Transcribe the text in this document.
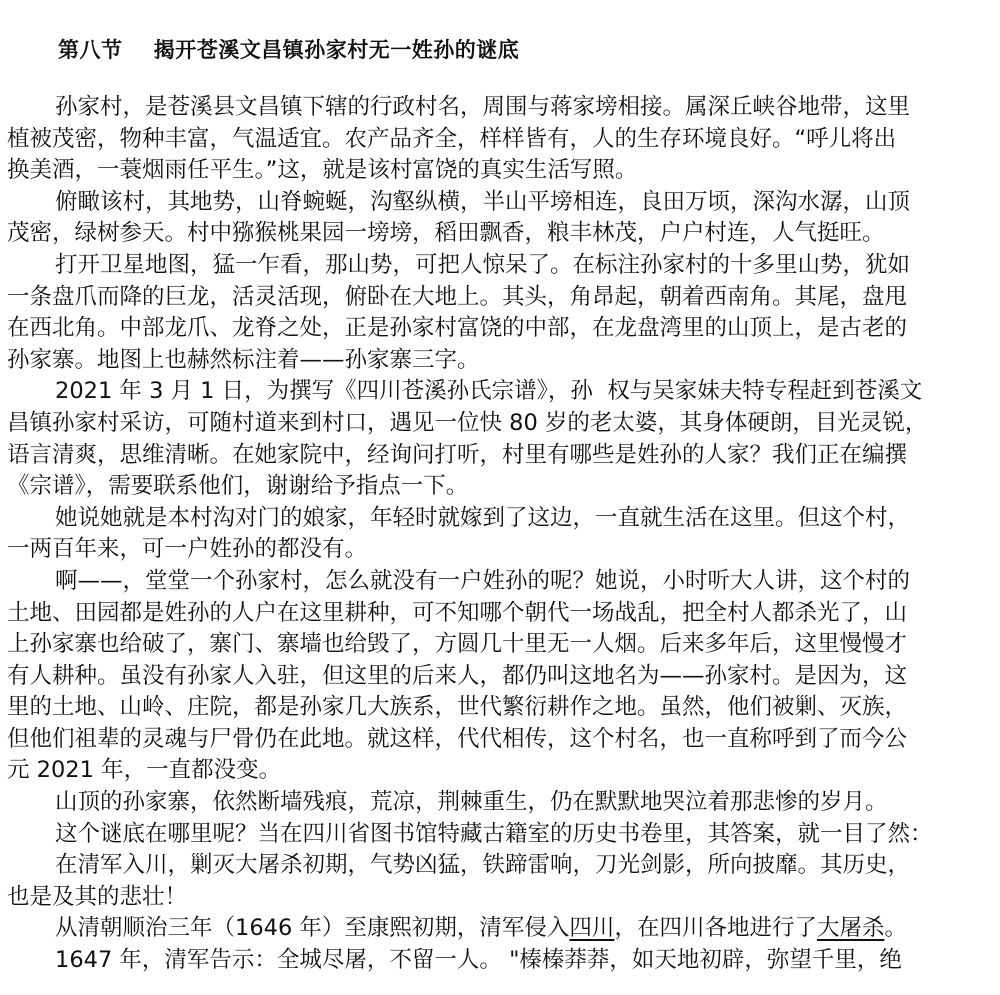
第八节    揭开苍溪文昌镇孙家村无一姓孙的谜底
孙家村，是苍溪县文昌镇下辖的行政村名，周围与蒋家塝相接。属深丘峡谷地带，这里
植被茂密，物种丰富，气温适宜。农产品齐全，样样皆有，人的生存环境良好。“呼儿将出
换美酒，一蓑烟雨任平生。”这，就是该村富饶的真实生活写照。
俯瞰该村，其地势，山脊蜿蜒，沟壑纵横，半山平塝相连，良田万顷，深沟水潺，山顶
茂密，绿树参天。村中猕猴桃果园一塝塝，稻田飘香，粮丰林茂，户户村连，人气挺旺。
打开卫星地图，猛一乍看，那山势，可把人惊呆了。在标注孙家村的十多里山势，犹如
一条盘爪而降的巨龙，活灵活现，俯卧在大地上。其头，角昂起，朝着西南角。其尾，盘甩
在西北角。中部龙爪、龙脊之处，正是孙家村富饶的中部，在龙盘湾里的山顶上，是古老的
孙家寨。地图上也赫然标注着——孙家寨三字。
2021 年 3 月 1 日，为撰写《四川苍溪孙氏宗谱》，孙  权与吴家妹夫特专程赶到苍溪文
昌镇孙家村采访，可随村道来到村口，遇见一位快 80 岁的老太婆，其身体硬朗，目光灵锐，
语言清爽，思维清晰。在她家院中，经询问打听，村里有哪些是姓孙的人家？我们正在编撰
《宗谱》，需要联系他们，谢谢给予指点一下。
她说她就是本村沟对门的娘家，年轻时就嫁到了这边，一直就生活在这里。但这个村，
一两百年来，可一户姓孙的都没有。
啊——，堂堂一个孙家村，怎么就没有一户姓孙的呢？她说，小时听大人讲，这个村的
土地、田园都是姓孙的人户在这里耕种，可不知哪个朝代一场战乱，把全村人都杀光了，山
上孙家寨也给破了，寨门、寨墙也给毁了，方圆几十里无一人烟。后来多年后，这里慢慢才
有人耕种。虽没有孙家人入驻，但这里的后来人，都仍叫这地名为——孙家村。是因为，这
里的土地、山岭、庄院，都是孙家几大族系，世代繁衍耕作之地。虽然，他们被剿、灭族，
但他们祖辈的灵魂与尸骨仍在此地。就这样，代代相传，这个村名，也一直称呼到了而今公
元 2021 年，一直都没变。
山顶的孙家寨，依然断墙残痕，荒凉，荆棘重生，仍在默默地哭泣着那悲惨的岁月。
这个谜底在哪里呢？当在四川省图书馆特藏古籍室的历史书卷里，其答案，就一目了然：
在清军入川，剿灭大屠杀初期，气势凶猛，铁蹄雷响，刀光剑影，所向披靡。其历史，
也是及其的悲壮！
从清朝顺治三年（1646 年）至康熙初期，清军侵入四川，在四川各地进行了大屠杀。
1647 年，清军告示：全城尽屠，不留一人。 "榛榛莽莽，如天地初辟，弥望千里，绝
